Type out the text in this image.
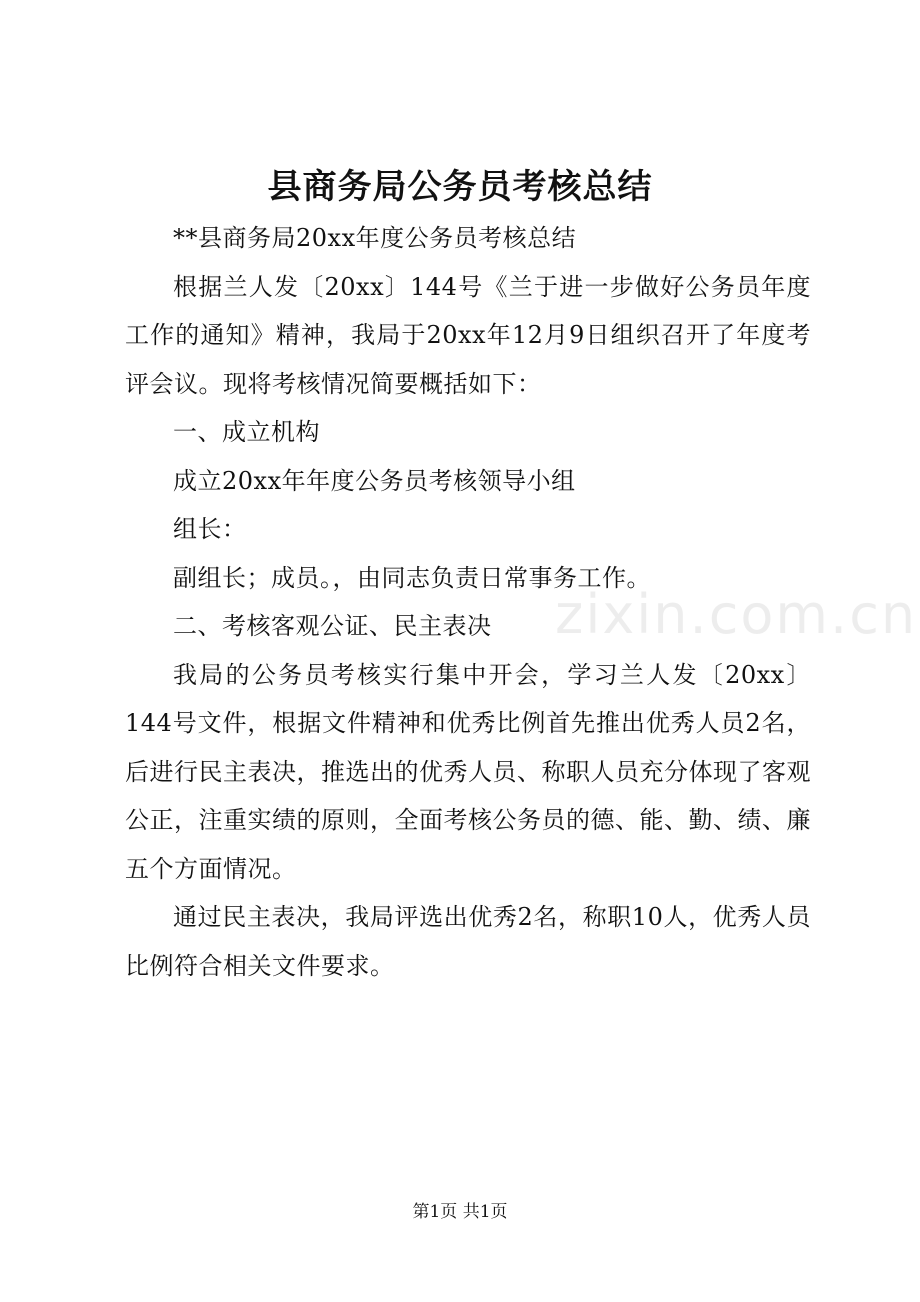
县商务局公务员考核总结

**县商务局20xx年度公务员考核总结

根据兰人发〔20xx〕144号《兰于进一步做好公务员年度工作的通知》精神，我局于20xx年12月9日组织召开了年度考评会议。现将考核情况简要概括如下：

一、成立机构

成立20xx年年度公务员考核领导小组

组长：

副组长；成员。，由同志负责日常事务工作。

二、考核客观公证、民主表决

我局的公务员考核实行集中开会，学习兰人发〔20xx〕144号文件，根据文件精神和优秀比例首先推出优秀人员2名，后进行民主表决，推选出的优秀人员、称职人员充分体现了客观公正，注重实绩的原则，全面考核公务员的德、能、勤、绩、廉五个方面情况。

通过民主表决，我局评选出优秀2名，称职10人，优秀人员比例符合相关文件要求。

zixin.com.cn
第1页 共1页
